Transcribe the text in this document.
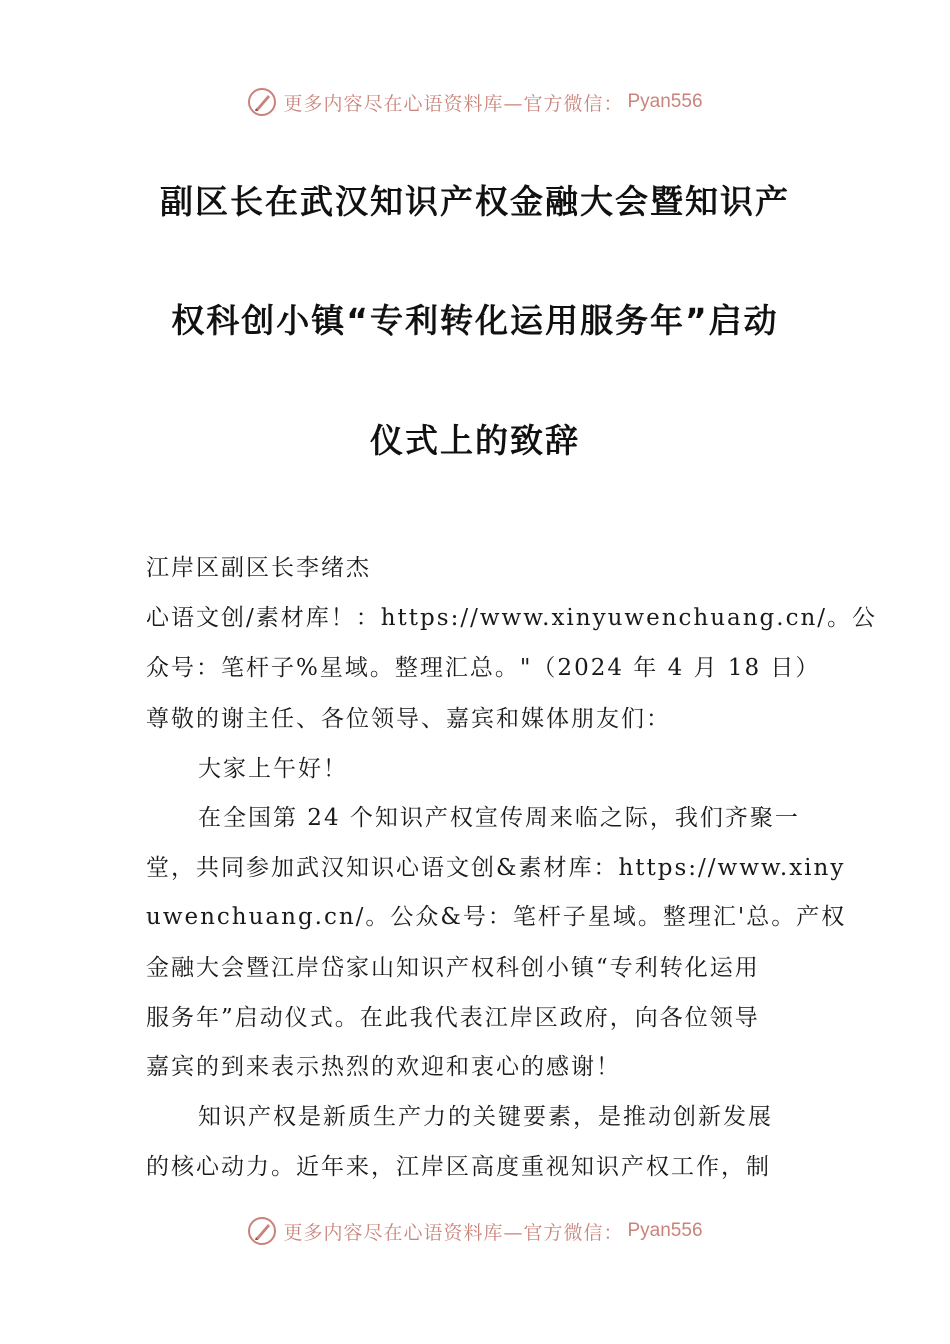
更多内容尽在心语资料库—官方微信： Pyan556
副区长在武汉知识产权金融大会暨知识产
权科创小镇“专利转化运用服务年”启动
仪式上的致辞
江岸区副区长李绪杰
心语文创/素材库！：https://www.xinyuwenchuang.cn/。公
众号：笔杆子%星域。整理汇总。"（2024 年 4 月 18 日）
尊敬的谢主任、各位领导、嘉宾和媒体朋友们：
大家上午好！
在全国第 24 个知识产权宣传周来临之际，我们齐聚一
堂，共同参加武汉知识心语文创&素材库：https://www.xiny
uwenchuang.cn/。公众&号：笔杆子星域。整理汇'总。产权
金融大会暨江岸岱家山知识产权科创小镇“专利转化运用
服务年”启动仪式。在此我代表江岸区政府，向各位领导
嘉宾的到来表示热烈的欢迎和衷心的感谢！
知识产权是新质生产力的关键要素，是推动创新发展
的核心动力。近年来，江岸区高度重视知识产权工作，制
更多内容尽在心语资料库—官方微信： Pyan556
